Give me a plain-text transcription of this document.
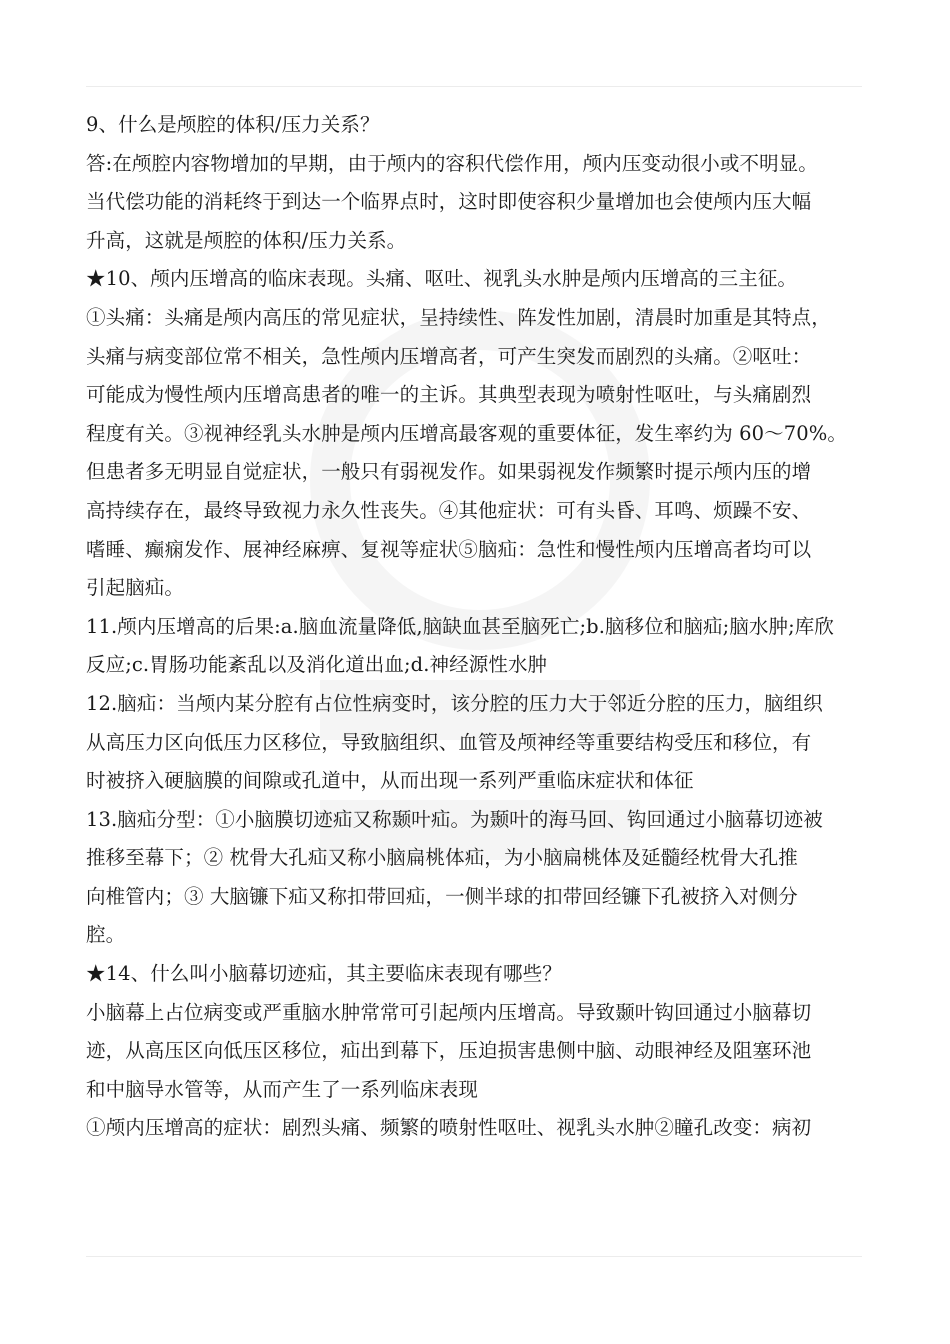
9、什么是颅腔的体积/压力关系？
答:在颅腔内容物增加的早期，由于颅内的容积代偿作用，颅内压变动很小或不明显。
当代偿功能的消耗终于到达一个临界点时，这时即使容积少量增加也会使颅内压大幅
升高，这就是颅腔的体积/压力关系。
★10、颅内压增高的临床表现。头痛、呕吐、视乳头水肿是颅内压增高的三主征。
①头痛：头痛是颅内高压的常见症状，呈持续性、阵发性加剧，清晨时加重是其特点，
头痛与病变部位常不相关，急性颅内压增高者，可产生突发而剧烈的头痛。②呕吐：
可能成为慢性颅内压增高患者的唯一的主诉。其典型表现为喷射性呕吐，与头痛剧烈
程度有关。③视神经乳头水肿是颅内压增高最客观的重要体征，发生率约为 60～70%。
但患者多无明显自觉症状，一般只有弱视发作。如果弱视发作频繁时提示颅内压的增
高持续存在，最终导致视力永久性丧失。④其他症状：可有头昏、耳鸣、烦躁不安、
嗜睡、癫痫发作、展神经麻痹、复视等症状⑤脑疝：急性和慢性颅内压增高者均可以
引起脑疝。
11.颅内压增高的后果:a.脑血流量降低,脑缺血甚至脑死亡;b.脑移位和脑疝;脑水肿;库欣
反应;c.胃肠功能紊乱以及消化道出血;d.神经源性水肿
12.脑疝：当颅内某分腔有占位性病变时，该分腔的压力大于邻近分腔的压力，脑组织
从高压力区向低压力区移位，导致脑组织、血管及颅神经等重要结构受压和移位，有
时被挤入硬脑膜的间隙或孔道中，从而出现一系列严重临床症状和体征
13.脑疝分型：①小脑膜切迹疝又称颞叶疝。为颞叶的海马回、钩回通过小脑幕切迹被
推移至幕下；② 枕骨大孔疝又称小脑扁桃体疝，为小脑扁桃体及延髓经枕骨大孔推
向椎管内；③ 大脑镰下疝又称扣带回疝，一侧半球的扣带回经镰下孔被挤入对侧分
腔。
★14、什么叫小脑幕切迹疝，其主要临床表现有哪些？
小脑幕上占位病变或严重脑水肿常常可引起颅内压增高。导致颞叶钩回通过小脑幕切
迹，从高压区向低压区移位，疝出到幕下，压迫损害患侧中脑、动眼神经及阻塞环池
和中脑导水管等，从而产生了一系列临床表现
①颅内压增高的症状：剧烈头痛、频繁的喷射性呕吐、视乳头水肿②瞳孔改变：病初
